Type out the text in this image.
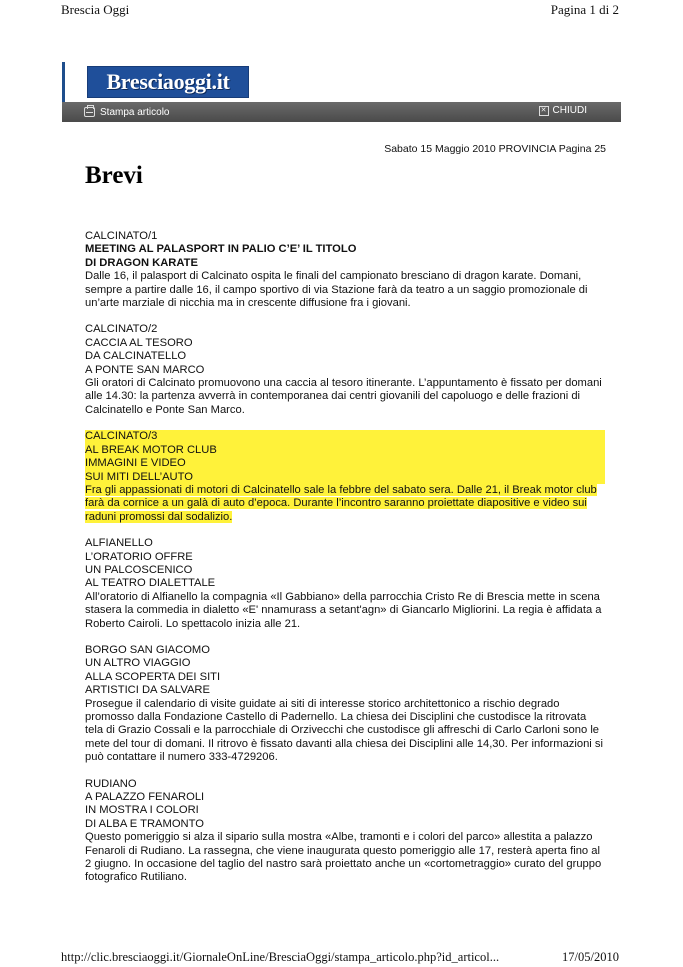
Brescia Oggi	Pagina 1 di 2
Bresciaoggi.it
Stampa articolo	✕ CHIUDI
Sabato 15 Maggio 2010 PROVINCIA Pagina 25
Brevi
CALCINATO/1
MEETING AL PALASPORT IN PALIO C’E’ IL TITOLO
DI DRAGON KARATE
Dalle 16, il palasport di Calcinato ospita le finali del campionato bresciano di dragon karate. Domani, sempre a partire dalle 16, il campo sportivo di via Stazione farà da teatro a un saggio promozionale di un’arte marziale di nicchia ma in crescente diffusione fra i giovani.
CALCINATO/2
CACCIA AL TESORO
DA CALCINATELLO
A PONTE SAN MARCO
Gli oratori di Calcinato promuovono una caccia al tesoro itinerante. L’appuntamento è fissato per domani alle 14.30: la partenza avverrà in contemporanea dai centri giovanili del capoluogo e delle frazioni di Calcinatello e Ponte San Marco.
CALCINATO/3
AL BREAK MOTOR CLUB
IMMAGINI E VIDEO
SUI MITI DELL’AUTO
Fra gli appassionati di motori di Calcinatello sale la febbre del sabato sera. Dalle 21, il Break motor club farà da cornice a un galà di auto d’epoca. Durante l’incontro saranno proiettate diapositive e video sui raduni promossi dal sodalizio.
ALFIANELLO
L’ORATORIO OFFRE
UN PALCOSCENICO
AL TEATRO DIALETTALE
All’oratorio di Alfianello la compagnia «Il Gabbiano» della parrocchia Cristo Re di Brescia mette in scena stasera la commedia in dialetto «E' nnamurass a setant'agn» di Giancarlo Migliorini. La regia è affidata a Roberto Cairoli. Lo spettacolo inizia alle 21.
BORGO SAN GIACOMO
UN ALTRO VIAGGIO
ALLA SCOPERTA DEI SITI
ARTISTICI DA SALVARE
Prosegue il calendario di visite guidate ai siti di interesse storico architettonico a rischio degrado promosso dalla Fondazione Castello di Padernello. La chiesa dei Disciplini che custodisce la ritrovata tela di Grazio Cossali e la parrocchiale di Orzivecchi che custodisce gli affreschi di Carlo Carloni sono le mete del tour di domani. Il ritrovo è fissato davanti alla chiesa dei Disciplini alle 14,30. Per informazioni si può contattare il numero 333-4729206.
RUDIANO
A PALAZZO FENAROLI
IN MOSTRA I COLORI
DI ALBA E TRAMONTO
Questo pomeriggio si alza il sipario sulla mostra «Albe, tramonti e i colori del parco» allestita a palazzo Fenaroli di Rudiano. La rassegna, che viene inaugurata questo pomeriggio alle 17, resterà aperta fino al 2 giugno. In occasione del taglio del nastro sarà proiettato anche un «cortometraggio» curato del gruppo fotografico Rutiliano.
http://clic.bresciaoggi.it/GiornaleOnLine/BresciaOggi/stampa_articolo.php?id_articol...	17/05/2010
